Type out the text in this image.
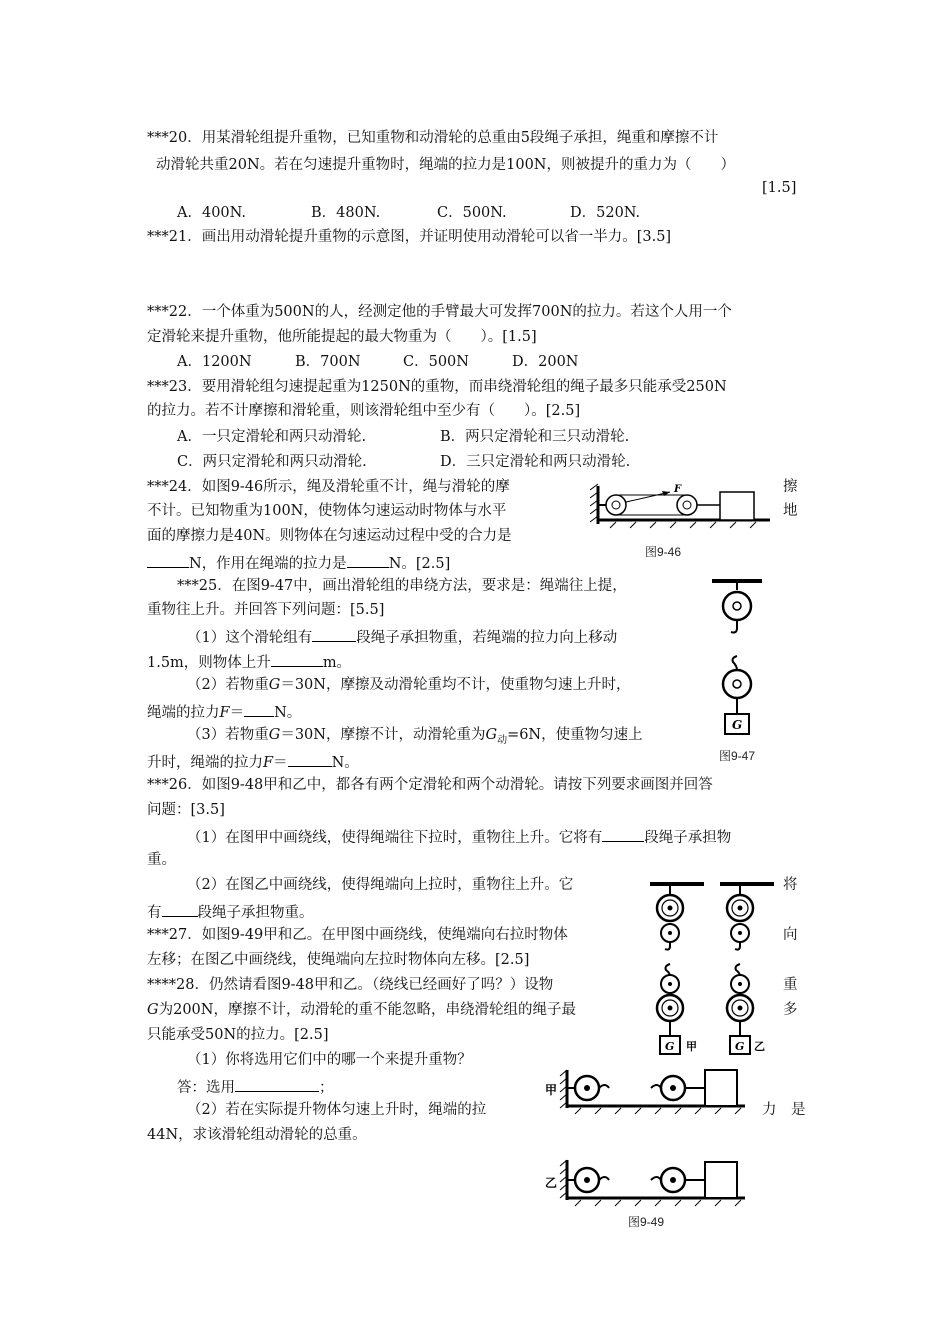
***20．用某滑轮组提升重物，已知重物和动滑轮的总重由5段绳子承担，绳重和摩擦不计
动滑轮共重20N。若在匀速提升重物时，绳端的拉力是100N，则被提升的重力为（　　）
[1.5]
A．400N.	B．480N.	C．500N.	D．520N.
***21．画出用动滑轮提升重物的示意图，并证明使用动滑轮可以省一半力。[3.5]
***22．一个体重为500N的人，经测定他的手臂最大可发挥700N的拉力。若这个人用一个
定滑轮来提升重物，他所能提起的最大物重为（　　）。[1.5]
A．1200N	B．700N	C．500N	D．200N
***23．要用滑轮组匀速提起重为1250N的重物，而串绕滑轮组的绳子最多只能承受250N
的拉力。若不计摩擦和滑轮重，则该滑轮组中至少有（　　）。[2.5]
A．一只定滑轮和两只动滑轮.	B．两只定滑轮和三只动滑轮.
C．两只定滑轮和两只动滑轮.	D．三只定滑轮和两只动滑轮.
***24．如图9-46所示，绳及滑轮重不计，绳与滑轮的摩	擦
不计。已知物重为100N，使物体匀速运动时物体与水平	地
面的摩擦力是40N。则物体在匀速运动过程中受的合力是
N，作用在绳端的拉力是	N。[2.5]
F
图9-46
***25．在图9-47中，画出滑轮组的串绕方法，要求是：绳端往上提，
重物往上升。并回答下列问题：[5.5]
（1）这个滑轮组有	段绳子承担物重，若绳端的拉力向上移动
1.5m，则物体上升	m。
（2）若物重G＝30N，摩擦及动滑轮重均不计，使重物匀速上升时，
绳端的拉力F＝ N。
（3）若物重G＝30N，摩擦不计，动滑轮重为$G_动=6N$，使重物匀速上
升时，绳端的拉力F＝	N。
G
图9-47
***26．如图9-48甲和乙中，都各有两个定滑轮和两个动滑轮。请按下列要求画图并回答
问题：[3.5]
（1）在图甲中画绕线，使得绳端往下拉时，重物往上升。它将有	段绳子承担物
重。
（2）在图乙中画绕线，使得绳端向上拉时，重物往上升。它	将
有 段绳子承担物重。
G 甲	G 乙
***27．如图9-49甲和乙。在甲图中画绕线，使绳端向右拉时物体	向
左移；在图乙中画绕线，使绳端向左拉时物体向左移。[2.5]
****28．仍然请看图9-48甲和乙。（绕线已经画好了吗？）设物	重
G为200N，摩擦不计，动滑轮的重不能忽略，串绕滑轮组的绳子最	多
只能承受50N的拉力。[2.5]
（1）你将选用它们中的哪一个来提升重物？
答：选用	；
（2）若在实际提升物体匀速上升时，绳端的拉	力 是
44N，求该滑轮组动滑轮的总重。
甲
乙
图9-49
